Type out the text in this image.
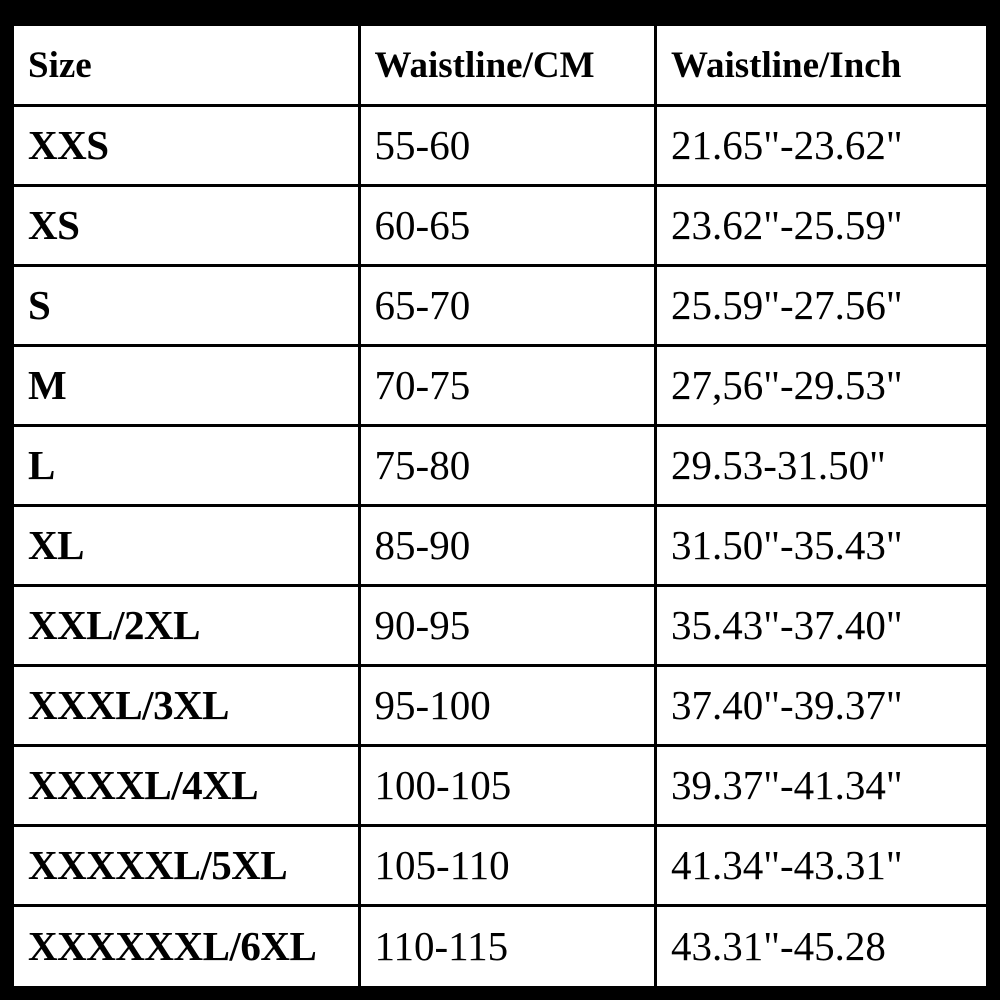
Size	Waistline/CM	Waistline/Inch
XXS	55-60	21.65"-23.62"
XS	60-65	23.62"-25.59"
S	65-70	25.59"-27.56"
M	70-75	27,56"-29.53"
L	75-80	29.53-31.50"
XL	85-90	31.50"-35.43"
XXL/2XL	90-95	35.43"-37.40"
XXXL/3XL	95-100	37.40"-39.37"
XXXXL/4XL	100-105	39.37"-41.34"
XXXXXL/5XL	105-110	41.34"-43.31"
XXXXXXL/6XL	110-115	43.31"-45.28
